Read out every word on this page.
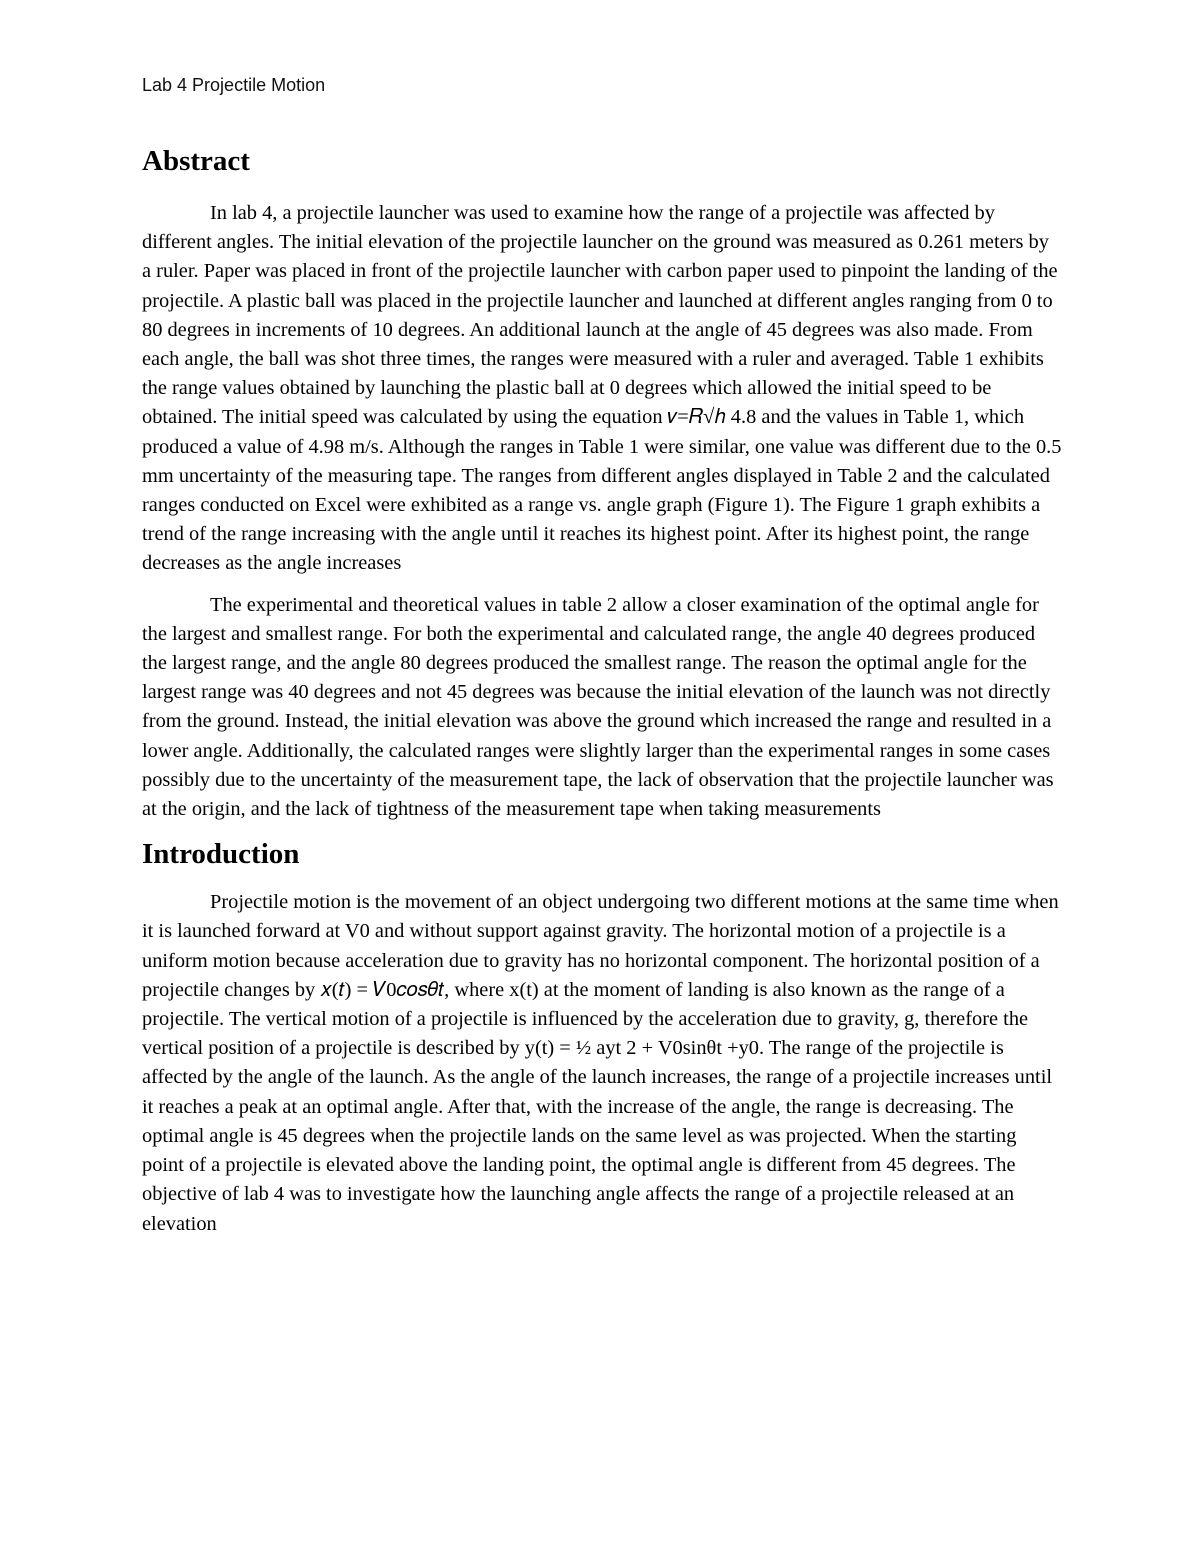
Lab 4 Projectile Motion
Abstract

In lab 4, a projectile launcher was used to examine how the range of a projectile was affected by different angles. The initial elevation of the projectile launcher on the ground was measured as 0.261 meters by a ruler. Paper was placed in front of the projectile launcher with carbon paper used to pinpoint the landing of the projectile. A plastic ball was placed in the projectile launcher and launched at different angles ranging from 0 to 80 degrees in increments of 10 degrees. An additional launch at the angle of 45 degrees was also made. From each angle, the ball was shot three times, the ranges were measured with a ruler and averaged. Table 1 exhibits the range values obtained by launching the plastic ball at 0 degrees which allowed the initial speed to be obtained. The initial speed was calculated by using the equation 𝑣=𝑅√ℎ 4.8 and the values in Table 1, which produced a value of 4.98 m/s. Although the ranges in Table 1 were similar, one value was different due to the 0.5 mm uncertainty of the measuring tape. The ranges from different angles displayed in Table 2 and the calculated ranges conducted on Excel were exhibited as a range vs. angle graph (Figure 1). The Figure 1 graph exhibits a trend of the range increasing with the angle until it reaches its highest point. After its highest point, the range decreases as the angle increases

The experimental and theoretical values in table 2 allow a closer examination of the optimal angle for the largest and smallest range. For both the experimental and calculated range, the angle 40 degrees produced the largest range, and the angle 80 degrees produced the smallest range. The reason the optimal angle for the largest range was 40 degrees and not 45 degrees was because the initial elevation of the launch was not directly from the ground. Instead, the initial elevation was above the ground which increased the range and resulted in a lower angle. Additionally, the calculated ranges were slightly larger than the experimental ranges in some cases possibly due to the uncertainty of the measurement tape, the lack of observation that the projectile launcher was at the origin, and the lack of tightness of the measurement tape when taking measurements

Introduction

Projectile motion is the movement of an object undergoing two different motions at the same time when it is launched forward at V0 and without support against gravity. The horizontal motion of a projectile is a uniform motion because acceleration due to gravity has no horizontal component. The horizontal position of a projectile changes by 𝑥(𝑡) = 𝑉0𝑐𝑜𝑠𝜃𝑡, where x(t) at the moment of landing is also known as the range of a projectile. The vertical motion of a projectile is influenced by the acceleration due to gravity, g, therefore the vertical position of a projectile is described by y(t) = ½ ayt 2 + V0sinθt +y0. The range of the projectile is affected by the angle of the launch. As the angle of the launch increases, the range of a projectile increases until it reaches a peak at an optimal angle. After that, with the increase of the angle, the range is decreasing. The optimal angle is 45 degrees when the projectile lands on the same level as was projected. When the starting point of a projectile is elevated above the landing point, the optimal angle is different from 45 degrees. The objective of lab 4 was to investigate how the launching angle affects the range of a projectile released at an elevation
